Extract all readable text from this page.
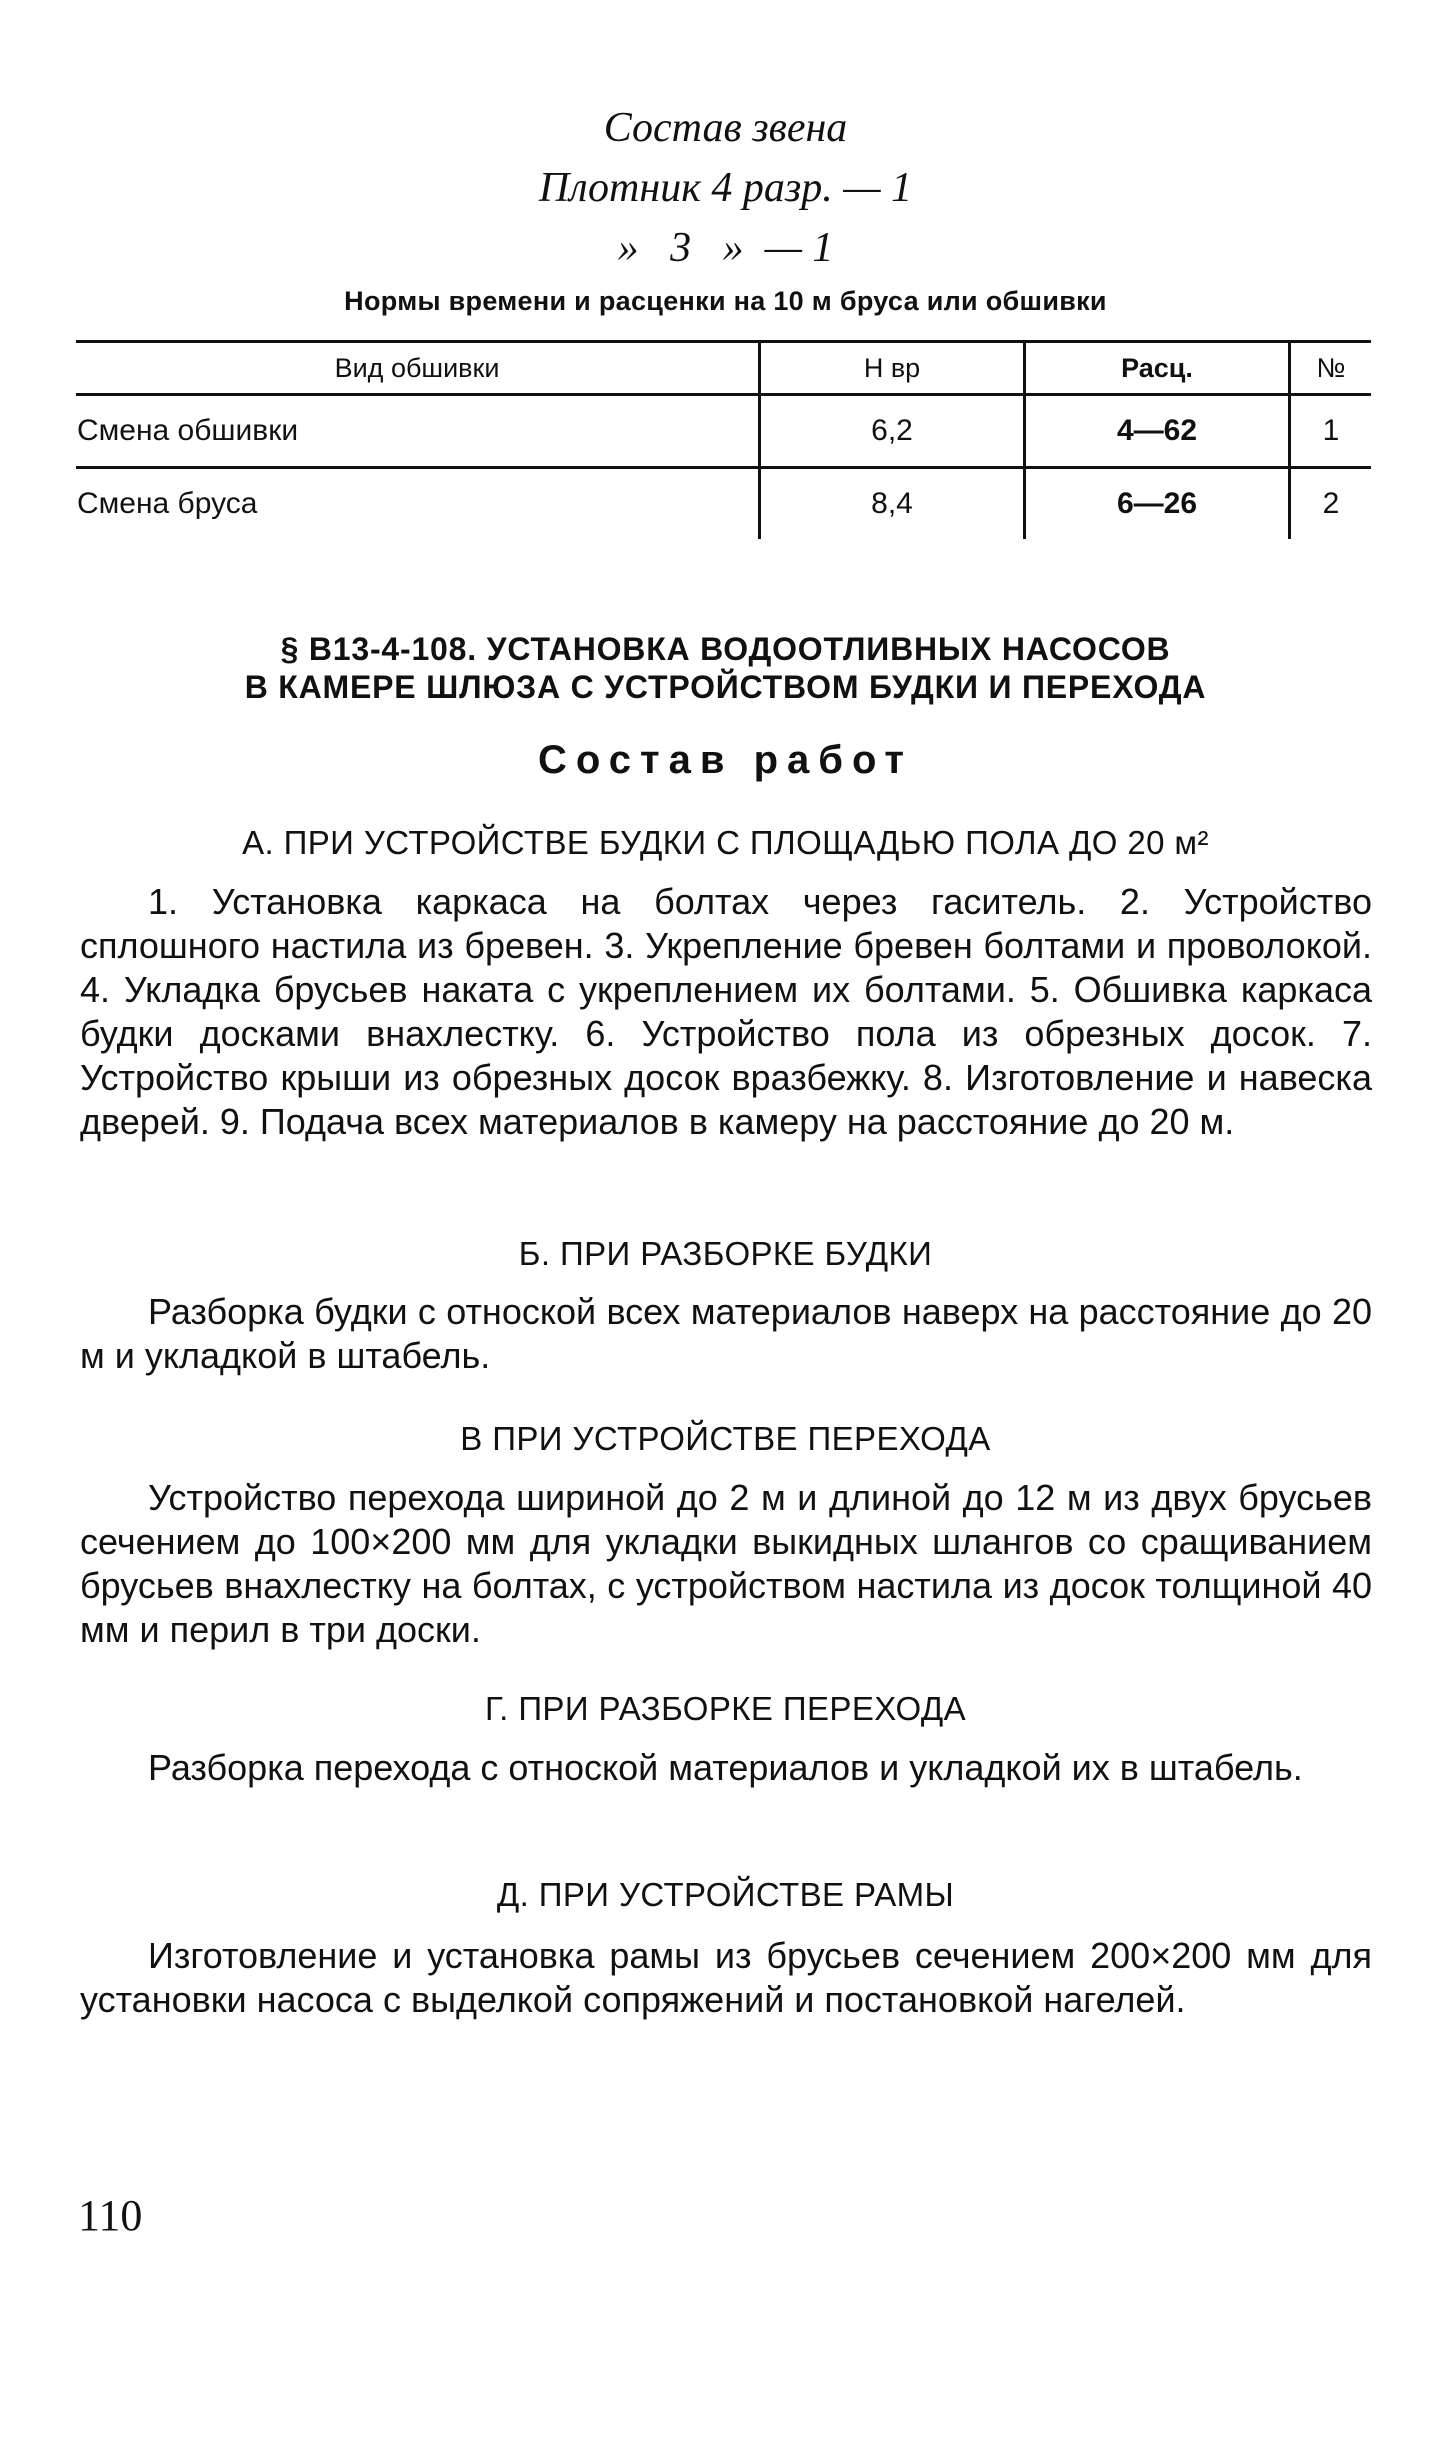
Состав звена
Плотник 4 разр. — 1
»   3   »  — 1
Нормы времени и расценки на 10 м бруса или обшивки
Вид обшивки	Н вр	Расц.	№
Смена обшивки	6,2	4—62	1
Смена бруса	8,4	6—26	2
§ В13-4-108. УСТАНОВКА ВОДООТЛИВНЫХ НАСОСОВ
В КАМЕРЕ ШЛЮЗА С УСТРОЙСТВОМ БУДКИ И ПЕРЕХОДА
Состав работ
А. ПРИ УСТРОЙСТВЕ БУДКИ С ПЛОЩАДЬЮ ПОЛА ДО 20 м²
1. Установка каркаса на болтах через гаситель. 2. Устройство сплошного настила из бревен. 3. Укрепление бревен болтами и проволокой. 4. Укладка брусьев наката с укреплением их болтами. 5. Обшивка каркаса будки досками внахлестку. 6. Устройство пола из обрезных досок. 7. Устройство крыши из обрезных досок вразбежку. 8. Изготовление и навеска дверей. 9. Подача всех материалов в камеру на расстояние до 20 м.
Б. ПРИ РАЗБОРКЕ БУДКИ
Разборка будки с отноской всех материалов наверх на расстояние до 20 м и укладкой в штабель.
В ПРИ УСТРОЙСТВЕ ПЕРЕХОДА
Устройство перехода шириной до 2 м и длиной до 12 м из двух брусьев сечением до 100×200 мм для укладки выкидных шлангов со сращиванием брусьев внахлестку на болтах, с устройством настила из досок толщиной 40 мм и перил в три доски.
Г. ПРИ РАЗБОРКЕ ПЕРЕХОДА
Разборка перехода с отноской материалов и укладкой их в штабель.
Д. ПРИ УСТРОЙСТВЕ РАМЫ
Изготовление и установка рамы из брусьев сечением 200×200 мм для установки насоса с выделкой сопряжений и постановкой нагелей.
110
